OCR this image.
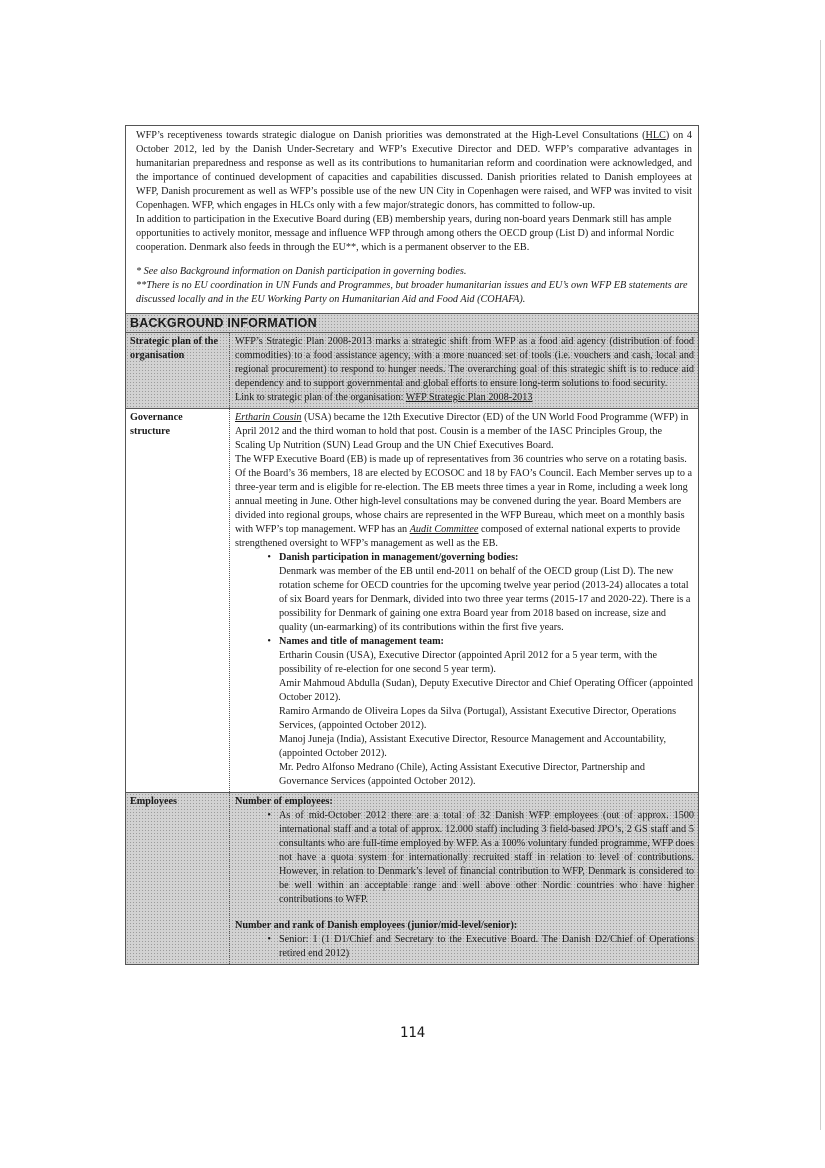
WFP’s receptiveness towards strategic dialogue on Danish priorities was demonstrated at the High-Level Consultations (HLC) on 4 October 2012, led by the Danish Under-Secretary and WFP’s Executive Director and DED. WFP’s comparative advantages in humanitarian preparedness and response as well as its contributions to humanitarian reform and coordination were acknowledged, and the importance of continued development of capacities and capabilities discussed. Danish priorities related to Danish employees at WFP, Danish procurement as well as WFP’s possible use of the new UN City in Copenhagen were raised, and WFP was invited to visit Copenhagen. WFP, which engages in HLCs only with a few major/strategic donors, has committed to follow-up.

In addition to participation in the Executive Board during (EB) membership years, during non-board years Denmark still has ample opportunities to actively monitor, message and influence WFP through among others the OECD group (List D) and informal Nordic cooperation. Denmark also feeds in through the EU**, which is a permanent observer to the EB.

* See also Background information on Danish participation in governing bodies.

**There is no EU coordination in UN Funds and Programmes, but broader humanitarian issues and EU’s own WFP EB statements are discussed locally and in the EU Working Party on Humanitarian Aid and Food Aid (COHAFA).

BACKGROUND INFORMATION
Strategic plan of the organisation

WFP’s Strategic Plan 2008-2013 marks a strategic shift from WFP as a food aid agency (distribution of food commodities) to a food assistance agency, with a more nuanced set of tools (i.e. vouchers and cash, local and regional procurement) to respond to hunger needs. The overarching goal of this strategic shift is to reduce aid dependency and to support governmental and global efforts to ensure long-term solutions to food security.

Link to strategic plan of the organisation: WFP Strategic Plan 2008-2013

Governance structure

Ertharin Cousin (USA) became the 12th Executive Director (ED) of the UN World Food Programme (WFP) in April 2012 and the third woman to hold that post. Cousin is a member of the IASC Principles Group, the Scaling Up Nutrition (SUN) Lead Group and the UN Chief Executives Board.

The WFP Executive Board (EB) is made up of representatives from 36 countries who serve on a rotating basis. Of the Board’s 36 members, 18 are elected by ECOSOC and 18 by FAO’s Council. Each Member serves up to a three-year term and is eligible for re-election. The EB meets three times a year in Rome, including a week long annual meeting in June. Other high-level consultations may be convened during the year. Board Members are divided into regional groups, whose chairs are represented in the WFP Bureau, which meet on a monthly basis with WFP’s top management. WFP has an Audit Committee composed of external national experts to provide strengthened oversight to WFP’s management as well as the EB.

• Danish participation in management/governing bodies:

Denmark was member of the EB until end-2011 on behalf of the OECD group (List D). The new rotation scheme for OECD countries for the upcoming twelve year period (2013-24) allocates a total of six Board years for Denmark, divided into two three year terms (2015-17 and 2020-22). There is a possibility for Denmark of gaining one extra Board year from 2018 based on increase, size and quality (un-earmarking) of its contributions within the first five years.

• Names and title of management team:

Ertharin Cousin (USA), Executive Director (appointed April 2012 for a 5 year term, with the possibility of re-election for one second 5 year term).

Amir Mahmoud Abdulla (Sudan), Deputy Executive Director and Chief Operating Officer (appointed October 2012).

Ramiro Armando de Oliveira Lopes da Silva (Portugal), Assistant Executive Director, Operations Services, (appointed October 2012).

Manoj Juneja (India), Assistant Executive Director, Resource Management and Accountability, (appointed October 2012).

Mr. Pedro Alfonso Medrano (Chile), Acting Assistant Executive Director, Partnership and Governance Services (appointed October 2012).

Employees	Number of employees:

• As of mid-October 2012 there are a total of 32 Danish WFP employees (out of approx. 1500 international staff and a total of approx. 12.000 staff) including 3 field-based JPO’s, 2 GS staff and 5 consultants who are full-time employed by WFP. As a 100% voluntary funded programme, WFP does not have a quota system for internationally recruited staff in relation to level of contributions. However, in relation to Denmark’s level of financial contribution to WFP, Denmark is considered to be well within an acceptable range and well above other Nordic countries who have higher contributions to WFP.

Number and rank of Danish employees (junior/mid-level/senior):

• Senior: 1 (1 D1/Chief and Secretary to the Executive Board. The Danish D2/Chief of Operations retired end 2012)

114
